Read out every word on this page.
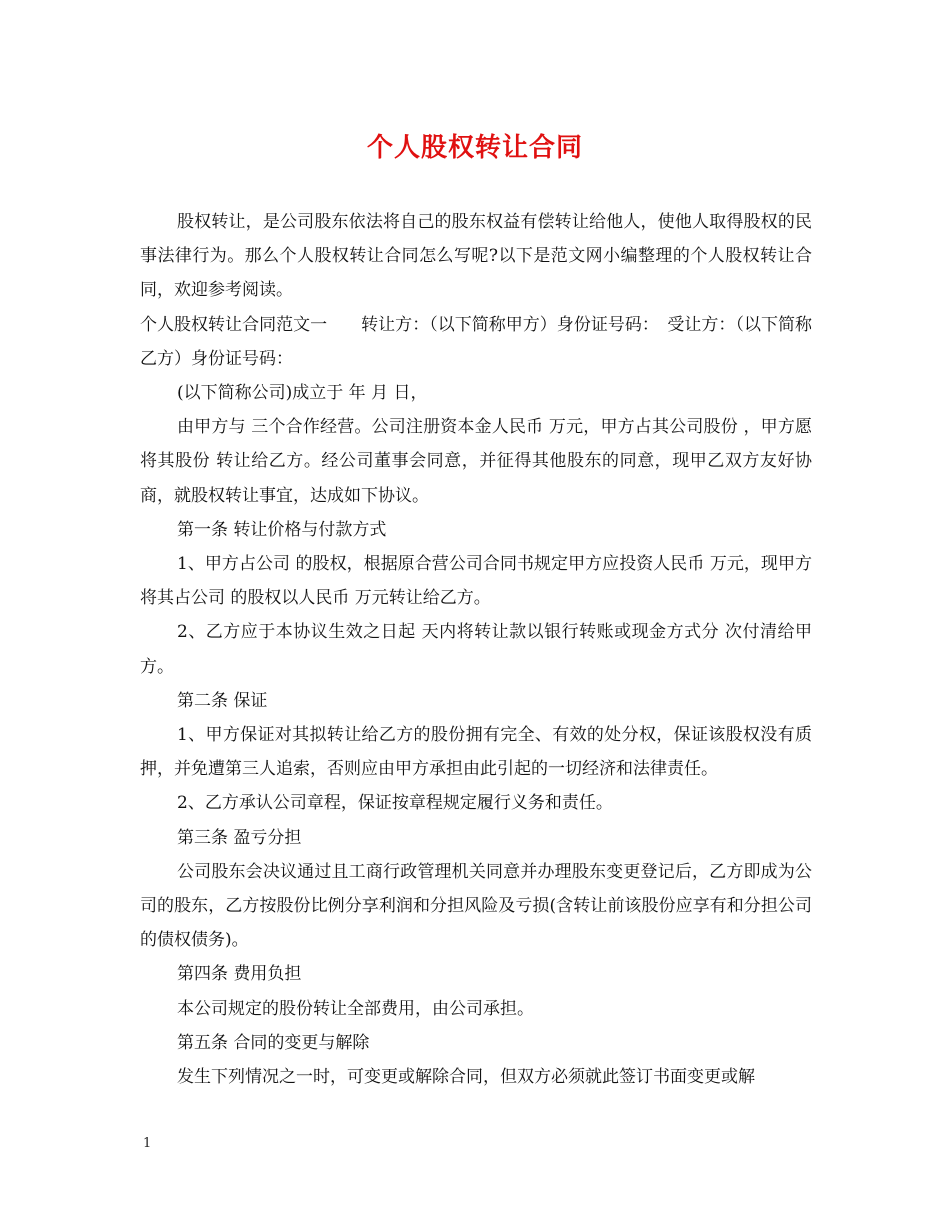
个人股权转让合同

股权转让，是公司股东依法将自己的股东权益有偿转让给他人，使他人取得股权的民事法律行为。那么个人股权转让合同怎么写呢?以下是范文网小编整理的个人股权转让合同，欢迎参考阅读。

个人股权转让合同范文一　　转让方：（以下简称甲方）身份证号码：　受让方：（以下简称乙方）身份证号码：

(以下简称公司)成立于 年 月 日，

由甲方与 三个合作经营。公司注册资本金人民币 万元，甲方占其公司股份 ，甲方愿将其股份 转让给乙方。经公司董事会同意，并征得其他股东的同意，现甲乙双方友好协商，就股权转让事宜，达成如下协议。

第一条 转让价格与付款方式

1、甲方占公司 的股权，根据原合营公司合同书规定甲方应投资人民币 万元，现甲方将其占公司 的股权以人民币 万元转让给乙方。

2、乙方应于本协议生效之日起 天内将转让款以银行转账或现金方式分 次付清给甲方。

第二条 保证

1、甲方保证对其拟转让给乙方的股份拥有完全、有效的处分权，保证该股权没有质押，并免遭第三人追索，否则应由甲方承担由此引起的一切经济和法律责任。

2、乙方承认公司章程，保证按章程规定履行义务和责任。

第三条 盈亏分担

公司股东会决议通过且工商行政管理机关同意并办理股东变更登记后，乙方即成为公司的股东，乙方按股份比例分享利润和分担风险及亏损(含转让前该股份应享有和分担公司的债权债务)。

第四条 费用负担

本公司规定的股份转让全部费用，由公司承担。

第五条 合同的变更与解除

发生下列情况之一时，可变更或解除合同，但双方必须就此签订书面变更或解

1
